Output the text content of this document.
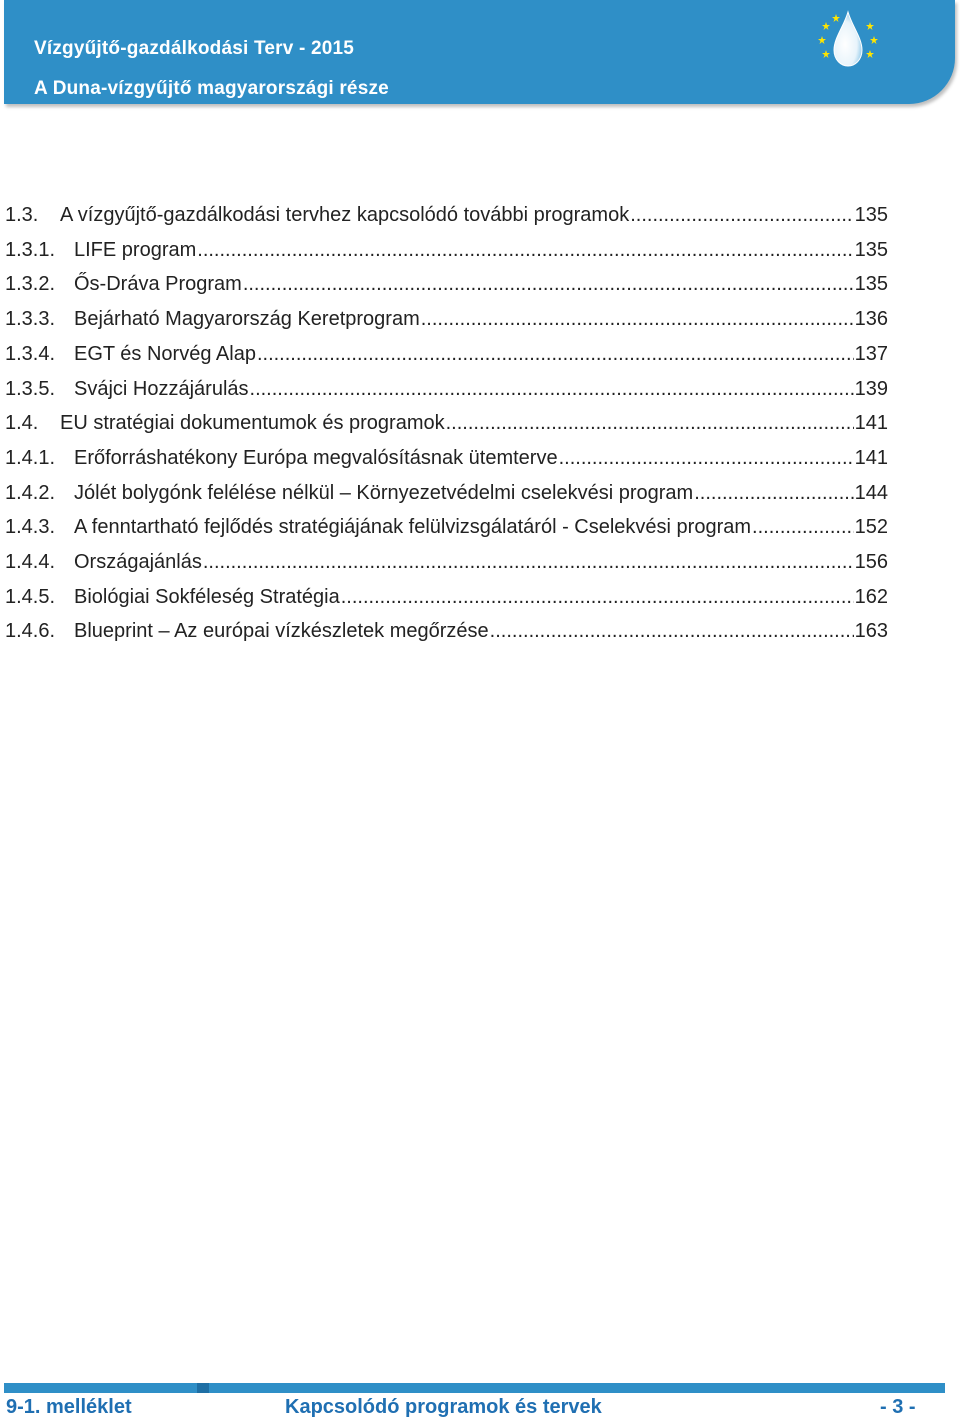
Vízgyűjtő-gazdálkodási Terv - 2015
A Duna-vízgyűjtő magyarországi része
1.3.	A vízgyűjtő-gazdálkodási tervhez kapcsolódó további programok .....	135
1.3.1. LIFE program .....	135
1.3.2. Ős-Dráva Program .....	135
1.3.3. Bejárható Magyarország Keretprogram .....	136
1.3.4. EGT és Norvég Alap .....	137
1.3.5. Svájci Hozzájárulás .....	139
1.4.	EU stratégiai dokumentumok és programok .....	141
1.4.1. Erőforráshatékony Európa megvalósításnak ütemterve .....	141
1.4.2. Jólét bolygónk felélése nélkül – Környezetvédelmi cselekvési program .....	144
1.4.3. A fenntartható fejlődés stratégiájának felülvizsgálatáról - Cselekvési program .....	152
1.4.4. Országajánlás .....	156
1.4.5. Biológiai Sokféleség Stratégia .....	162
1.4.6. Blueprint – Az európai vízkészletek megőrzése .....	163
9-1. melléklet	Kapcsolódó programok és tervek	- 3 -
